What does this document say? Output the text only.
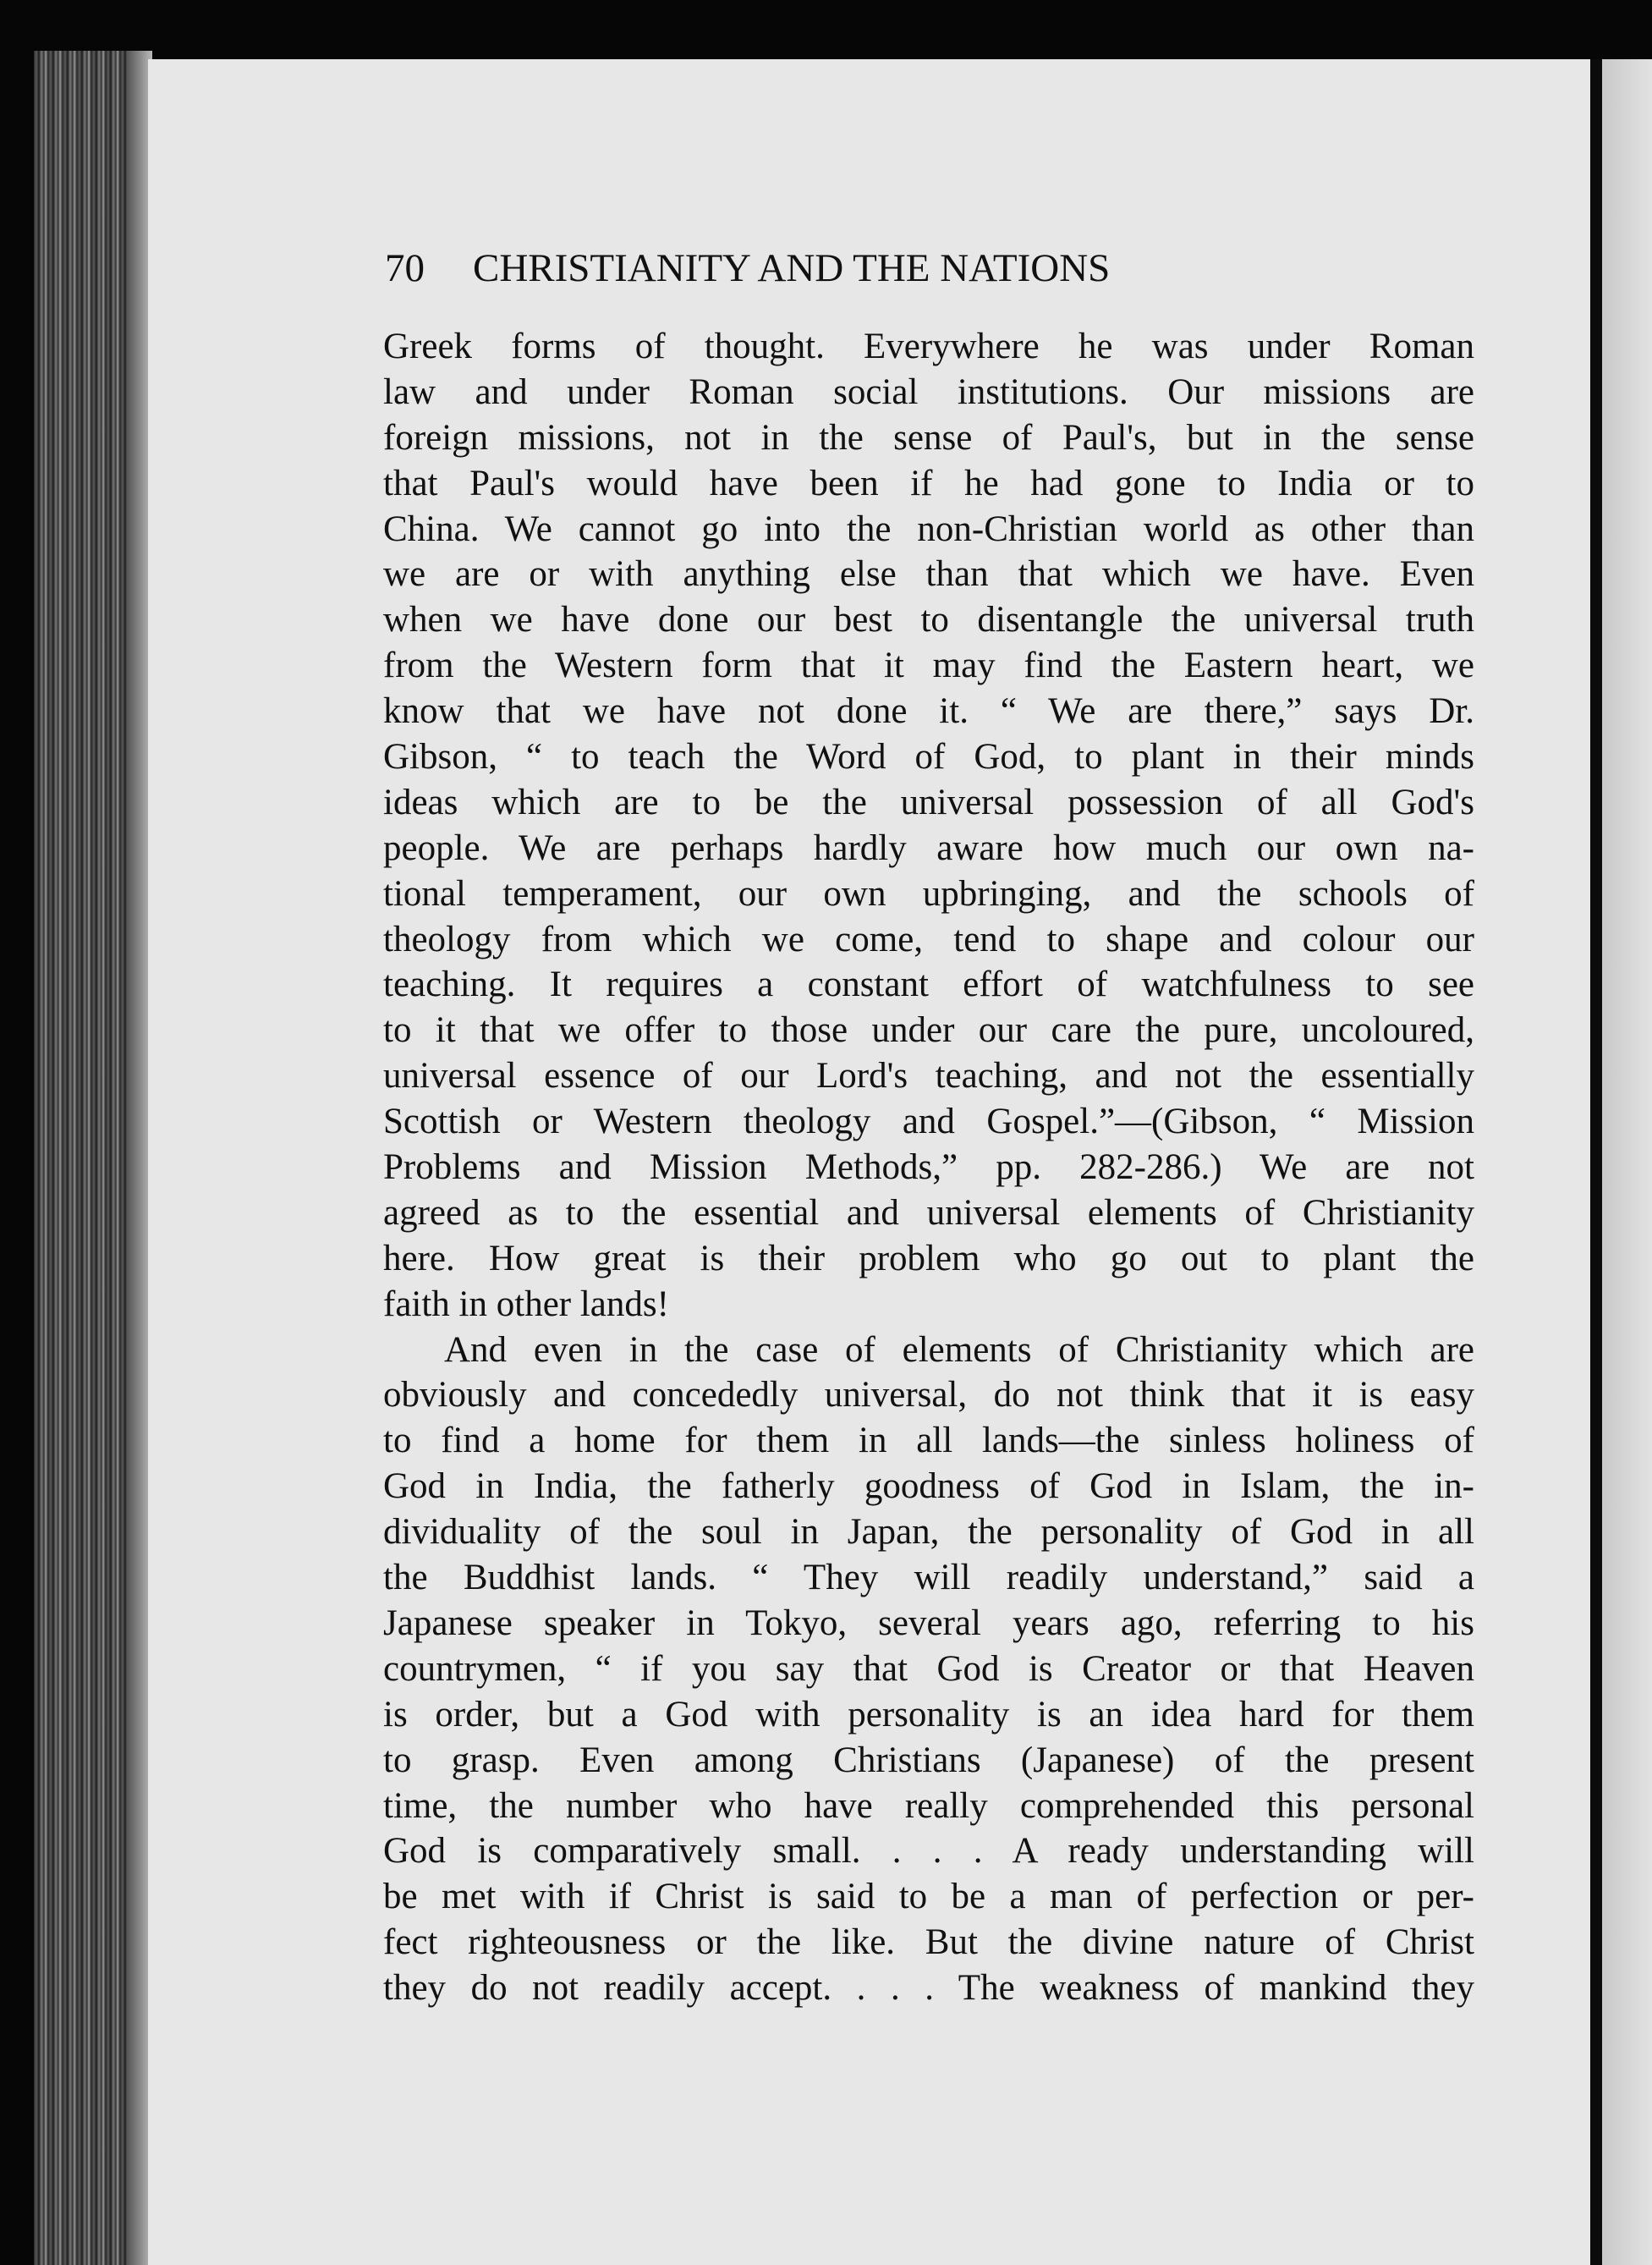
70 CHRISTIANITY AND THE NATIONS
Greek forms of thought. Everywhere he was under Roman
law and under Roman social institutions. Our missions are
foreign missions, not in the sense of Paul's, but in the sense
that Paul's would have been if he had gone to India or to
China. We cannot go into the non-Christian world as other than
we are or with anything else than that which we have. Even
when we have done our best to disentangle the universal truth
from the Western form that it may find the Eastern heart, we
know that we have not done it. “ We are there,” says Dr.
Gibson, “ to teach the Word of God, to plant in their minds
ideas which are to be the universal possession of all God's
people. We are perhaps hardly aware how much our own na-
tional temperament, our own upbringing, and the schools of
theology from which we come, tend to shape and colour our
teaching. It requires a constant effort of watchfulness to see
to it that we offer to those under our care the pure, uncoloured,
universal essence of our Lord's teaching, and not the essentially
Scottish or Western theology and Gospel.”—(Gibson, “ Mission
Problems and Mission Methods,” pp. 282-286.) We are not
agreed as to the essential and universal elements of Christianity
here. How great is their problem who go out to plant the
faith in other lands!
And even in the case of elements of Christianity which are
obviously and concededly universal, do not think that it is easy
to find a home for them in all lands—the sinless holiness of
God in India, the fatherly goodness of God in Islam, the in-
dividuality of the soul in Japan, the personality of God in all
the Buddhist lands. “ They will readily understand,” said a
Japanese speaker in Tokyo, several years ago, referring to his
countrymen, “ if you say that God is Creator or that Heaven
is order, but a God with personality is an idea hard for them
to grasp. Even among Christians (Japanese) of the present
time, the number who have really comprehended this personal
God is comparatively small. . . . A ready understanding will
be met with if Christ is said to be a man of perfection or per-
fect righteousness or the like. But the divine nature of Christ
they do not readily accept. . . . The weakness of mankind they
